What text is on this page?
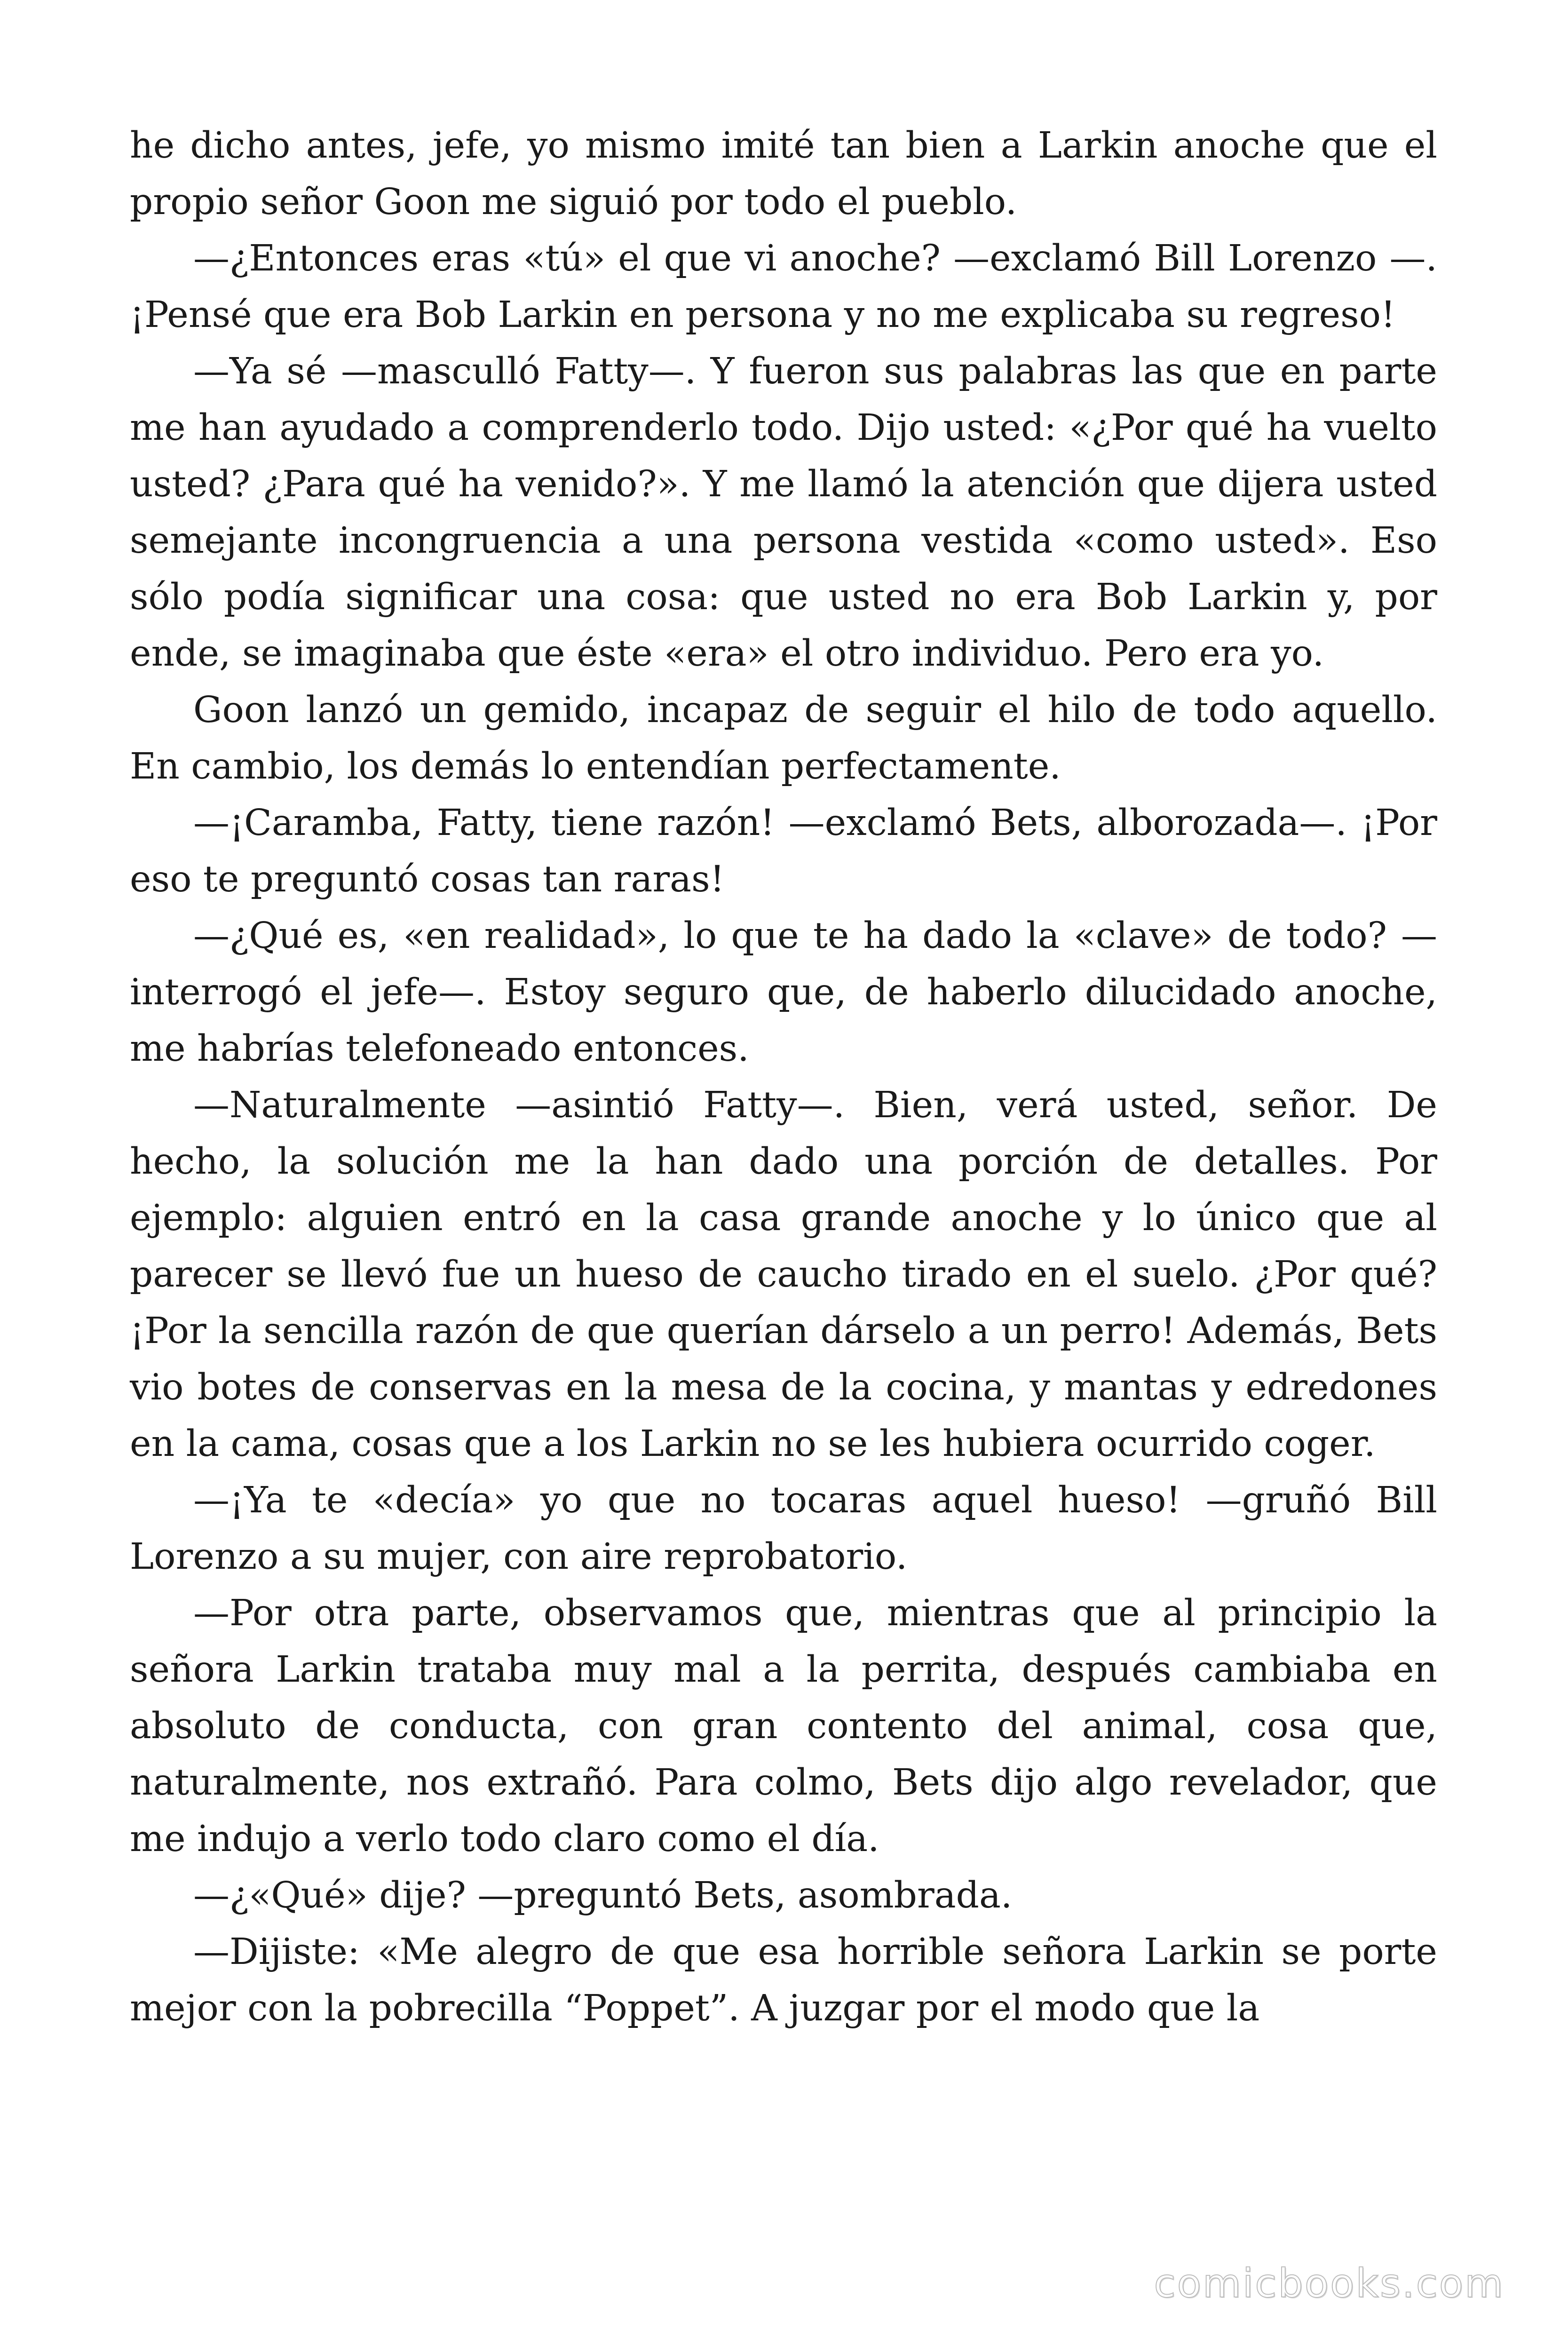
he dicho antes, jefe, yo mismo imité tan bien a Larkin anoche que el propio señor Goon me siguió por todo el pueblo.

—¿Entonces eras «tú» el que vi anoche? —exclamó Bill Lorenzo —. ¡Pensé que era Bob Larkin en persona y no me explicaba su regreso!

—Ya sé —masculló Fatty—. Y fueron sus palabras las que en parte me han ayudado a comprenderlo todo. Dijo usted: «¿Por qué ha vuelto usted? ¿Para qué ha venido?». Y me llamó la atención que dijera usted semejante incongruencia a una persona vestida «como usted». Eso sólo podía significar una cosa: que usted no era Bob Larkin y, por ende, se imaginaba que éste «era» el otro individuo. Pero era yo.

Goon lanzó un gemido, incapaz de seguir el hilo de todo aquello. En cambio, los demás lo entendían perfectamente.

—¡Caramba, Fatty, tiene razón! —exclamó Bets, alborozada—. ¡Por eso te preguntó cosas tan raras!

—¿Qué es, «en realidad», lo que te ha dado la «clave» de todo? —interrogó el jefe—. Estoy seguro que, de haberlo dilucidado anoche, me habrías telefoneado entonces.

—Naturalmente —asintió Fatty—. Bien, verá usted, señor. De hecho, la solución me la han dado una porción de detalles. Por ejemplo: alguien entró en la casa grande anoche y lo único que al parecer se llevó fue un hueso de caucho tirado en el suelo. ¿Por qué? ¡Por la sencilla razón de que querían dárselo a un perro! Además, Bets vio botes de conservas en la mesa de la cocina, y mantas y edredones en la cama, cosas que a los Larkin no se les hubiera ocurrido coger.

—¡Ya te «decía» yo que no tocaras aquel hueso! —gruñó Bill Lorenzo a su mujer, con aire reprobatorio.

—Por otra parte, observamos que, mientras que al principio la señora Larkin trataba muy mal a la perrita, después cambiaba en absoluto de conducta, con gran contento del animal, cosa que, naturalmente, nos extrañó. Para colmo, Bets dijo algo revelador, que me indujo a verlo todo claro como el día.

—¿«Qué» dije? —preguntó Bets, asombrada.

—Dijiste: «Me alegro de que esa horrible señora Larkin se porte mejor con la pobrecilla “Poppet”. A juzgar por el modo que la

comicbooks.com
